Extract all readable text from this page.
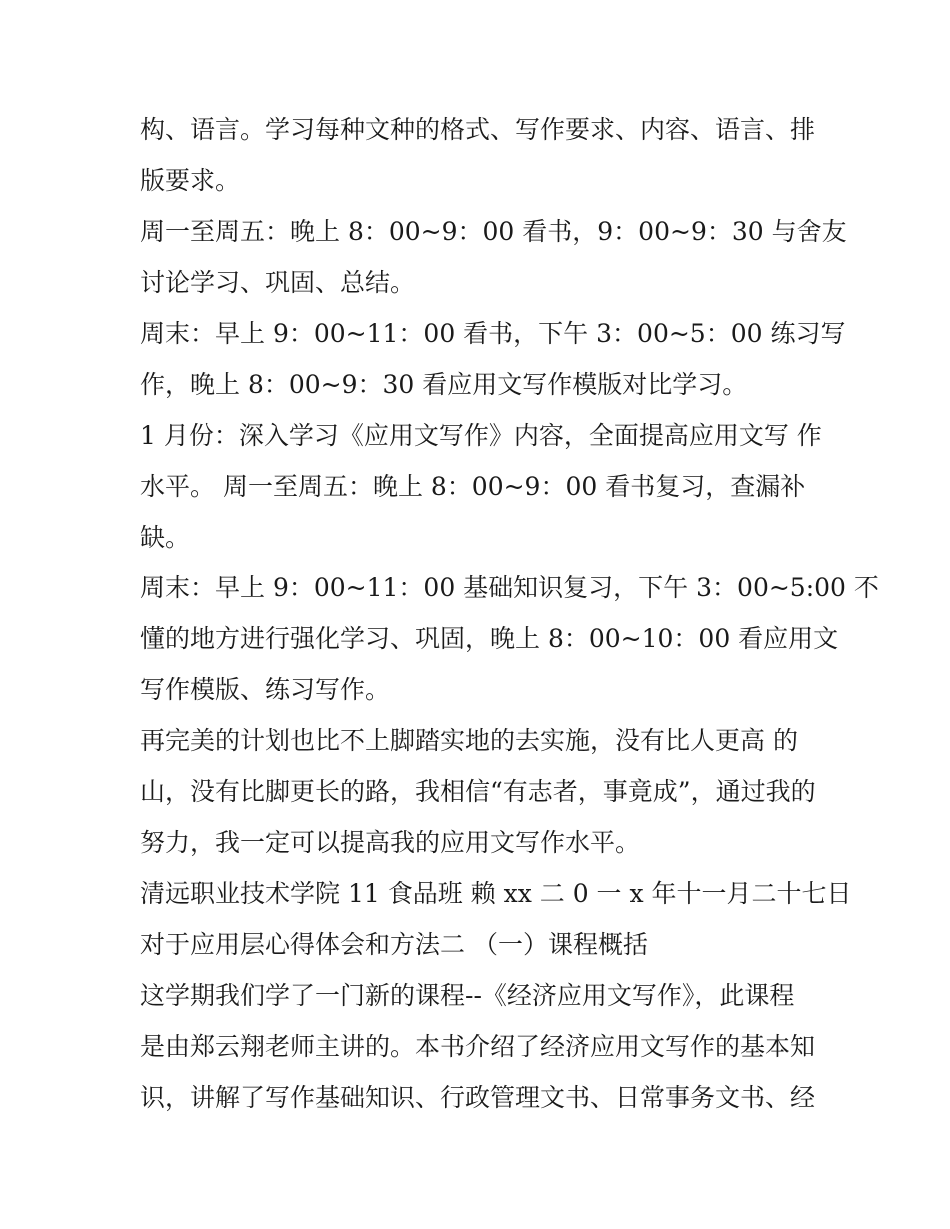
构、语言。学习每种文种的格式、写作要求、内容、语言、排
版要求。
周一至周五：晚上 8：00~9：00 看书，9：00~9：30 与舍友
讨论学习、巩固、总结。
周末：早上 9：00~11：00 看书，下午 3：00~5：00 练习写
作，晚上 8：00~9：30 看应用文写作模版对比学习。
1 月份：深入学习《应用文写作》内容，全面提高应用文写 作
水平。 周一至周五：晚上 8：00~9：00 看书复习，查漏补
缺。
周末：早上 9：00~11：00 基础知识复习，下午 3：00~5:00 不
懂的地方进行强化学习、巩固，晚上 8：00~10：00 看应用文
写作模版、练习写作。
再完美的计划也比不上脚踏实地的去实施，没有比人更高 的
山，没有比脚更长的路，我相信“有志者，事竟成”，通过我的
努力，我一定可以提高我的应用文写作水平。
清远职业技术学院 11 食品班 赖 xx 二 0 一 x 年十一月二十七日
对于应用层心得体会和方法二 （一）课程概括
这学期我们学了一门新的课程--《经济应用文写作》，此课程
是由郑云翔老师主讲的。本书介绍了经济应用文写作的基本知
识，讲解了写作基础知识、行政管理文书、日常事务文书、经
